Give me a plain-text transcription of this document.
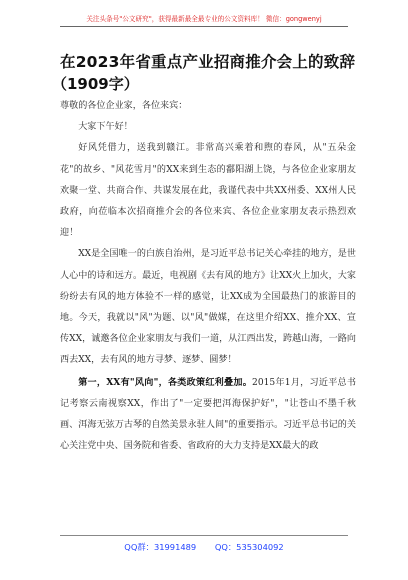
关注头条号"公文研究"，获得最新最全最专业的公文资料库！ 微信：gongwenyj
在2023年省重点产业招商推介会上的致辞
（1909字）

尊敬的各位企业家，各位来宾：

大家下午好！

好风凭借力，送我到赣江。非常高兴乘着和煦的春风，从"五朵金花"的故乡、"风花雪月"的XX来到生态的鄱阳湖上饶，与各位企业家朋友欢聚一堂、共商合作、共谋发展在此，我谨代表中共XX州委、XX州人民政府，向莅临本次招商推介会的各位来宾、各位企业家朋友表示热烈欢迎！

XX是全国唯一的白族自治州，是习近平总书记关心牵挂的地方，是世人心中的诗和远方。最近，电视剧《去有风的地方》让XX火上加火，大家纷纷去有风的地方体验不一样的感觉，让XX成为全国最热门的旅游目的地。今天，我就以"风"为题、以"风"做媒，在这里介绍XX、推介XX、宣传XX，诚邀各位企业家朋友与我们一道，从江西出发，跨越山海，一路向西去XX，去有风的地方寻梦、逐梦、圆梦！

第一，XX有"风向"，各类政策红利叠加。2015年1月，习近平总书记考察云南视察XX，作出了"一定要把洱海保护好"，"让苍山不墨千秋画、洱海无弦万古琴的自然美景永驻人间"的重要指示。习近平总书记的关心关注党中央、国务院和省委、省政府的大力支持是XX最大的政

QQ群：31991489 QQ：535304092
